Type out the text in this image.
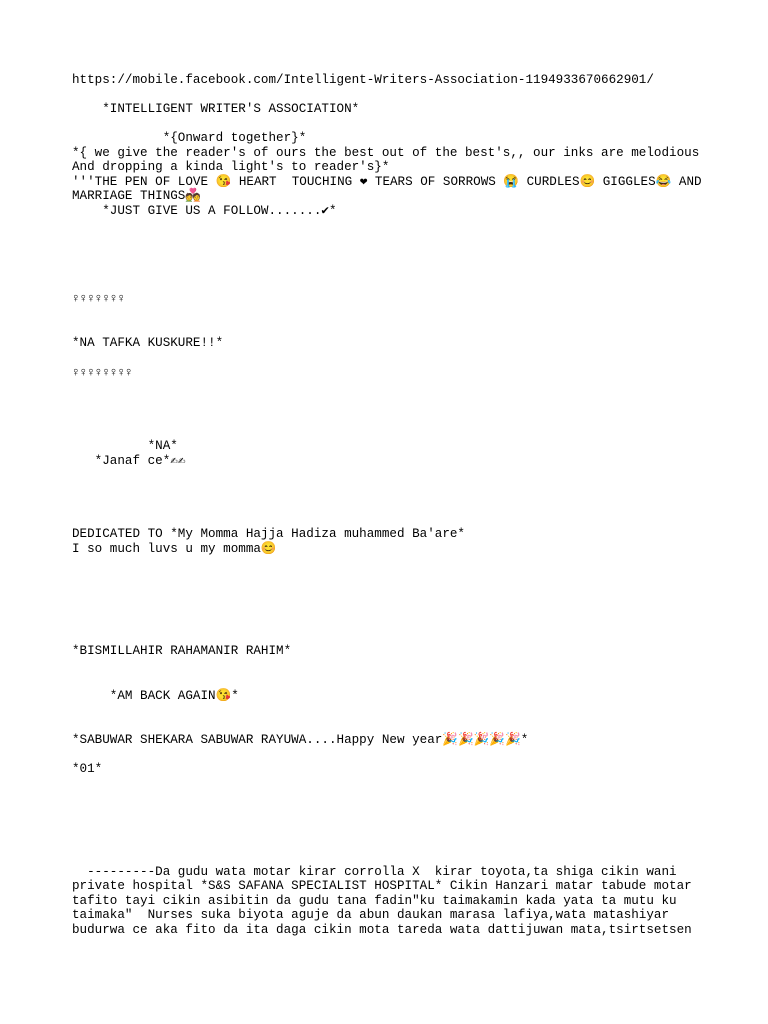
https://mobile.facebook.com/Intelligent-Writers-Association-1194933670662901/
*INTELLIGENT WRITER'S ASSOCIATION*
*{Onward together}*
*{ we give the reader's of ours the best out of the best's,, our inks are melodious
And dropping a kinda light's to reader's}*
'''THE PEN OF LOVE 😘 HEART  TOUCHING ❤ TEARS OF SORROWS 😭 CURDLES😊 GIGGLES😂 AND
MARRIAGE THINGS💑
*JUST GIVE US A FOLLOW.......✔*
♀♀♀♀♀♀♀
*NA TAFKA KUSKURE!!*
♀♀♀♀♀♀♀♀
*NA*
*Janaf ce*✍✍
DEDICATED TO *My Momma Hajja Hadiza muhammed Ba'are*
I so much luvs u my momma😊
*BISMILLAHIR RAHAMANIR RAHIM*
*AM BACK AGAIN😘*
*SABUWAR SHEKARA SABUWAR RAYUWA....Happy New year🎉🎉🎉🎉🎉*
*01*
---------Da gudu wata motar kirar corrolla X  kirar toyota,ta shiga cikin wani
private hospital *S&S SAFANA SPECIALIST HOSPITAL* Cikin Hanzari matar tabude motar
tafito tayi cikin asibitin da gudu tana fadin"ku taimakamin kada yata ta mutu ku
taimaka"  Nurses suka biyota aguje da abun daukan marasa lafiya,wata matashiyar
budurwa ce aka fito da ita daga cikin mota tareda wata dattijuwan mata,tsirtsetsen
